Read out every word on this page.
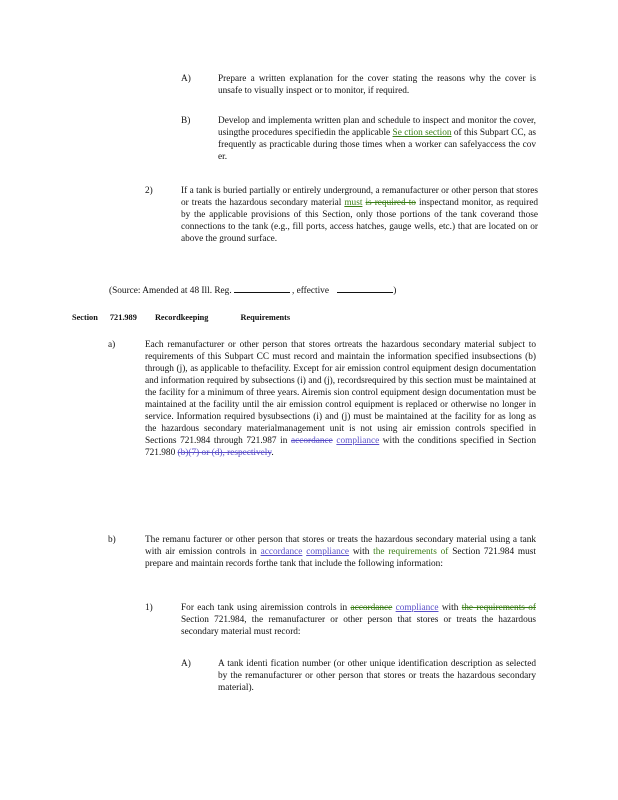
A)	Prepare a written explanation for the cover stating the reasons why the cover is unsafe to visually inspect or to monitor, if required.
B)	Develop and implementa written plan and schedule to inspect and monitor the cover, usingthe procedures specifiedin the applicable Se ction section of this Subpart CC, as frequently as practicable during those times when a worker can safelyaccess the cov er.
2)	If a tank is buried partially or entirely underground, a remanufacturer or other person that stores or treats the hazardous secondary material must is required to inspectand monitor, as required by the applicable provisions of this Section, only those portions of the tank coverand those connections to the tank (e.g., fill ports, access hatches, gauge wells, etc.) that are located on or above the ground surface.
(Source: Amended at 48 Ill. Reg.	, effective	)
Section 721.989 Recordkeeping	Requirements
a)	Each remanufacturer or other person that stores ortreats the hazardous secondary material subject to requirements of this Subpart CC must record and maintain the information specified insubsections (b) through (j), as applicable to thefacility. Except for air emission control equipment design documentation and information required by subsections (i) and (j), recordsrequired by this section must be maintained at the facility for a minimum of three years. Airemis sion control equipment design documentation must be maintained at the facility until the air emission control equipment is replaced or otherwise no longer in service. Information required bysubsections (i) and (j) must be maintained at the facility for as long as the hazardous secondary materialmanagement unit is not using air emission controls specified in Sections 721.984 through 721.987 in accordance compliance with the conditions specified in Section 721.980 (b)(7) or (d), respectively.
b)	The remanu facturer or other person that stores or treats the hazardous secondary material using a tank with air emission controls in accordance compliance with the requirements of Section 721.984 must prepare and maintain records forthe tank that include the following information:
1)	For each tank using airemission controls in accordance compliance with the requirements of Section 721.984, the remanufacturer or other person that stores or treats the hazardous secondary material must record:
A)	A tank identi fication number (or other unique identification description as selected by the remanufacturer or other person that stores or treats the hazardous secondary material).
